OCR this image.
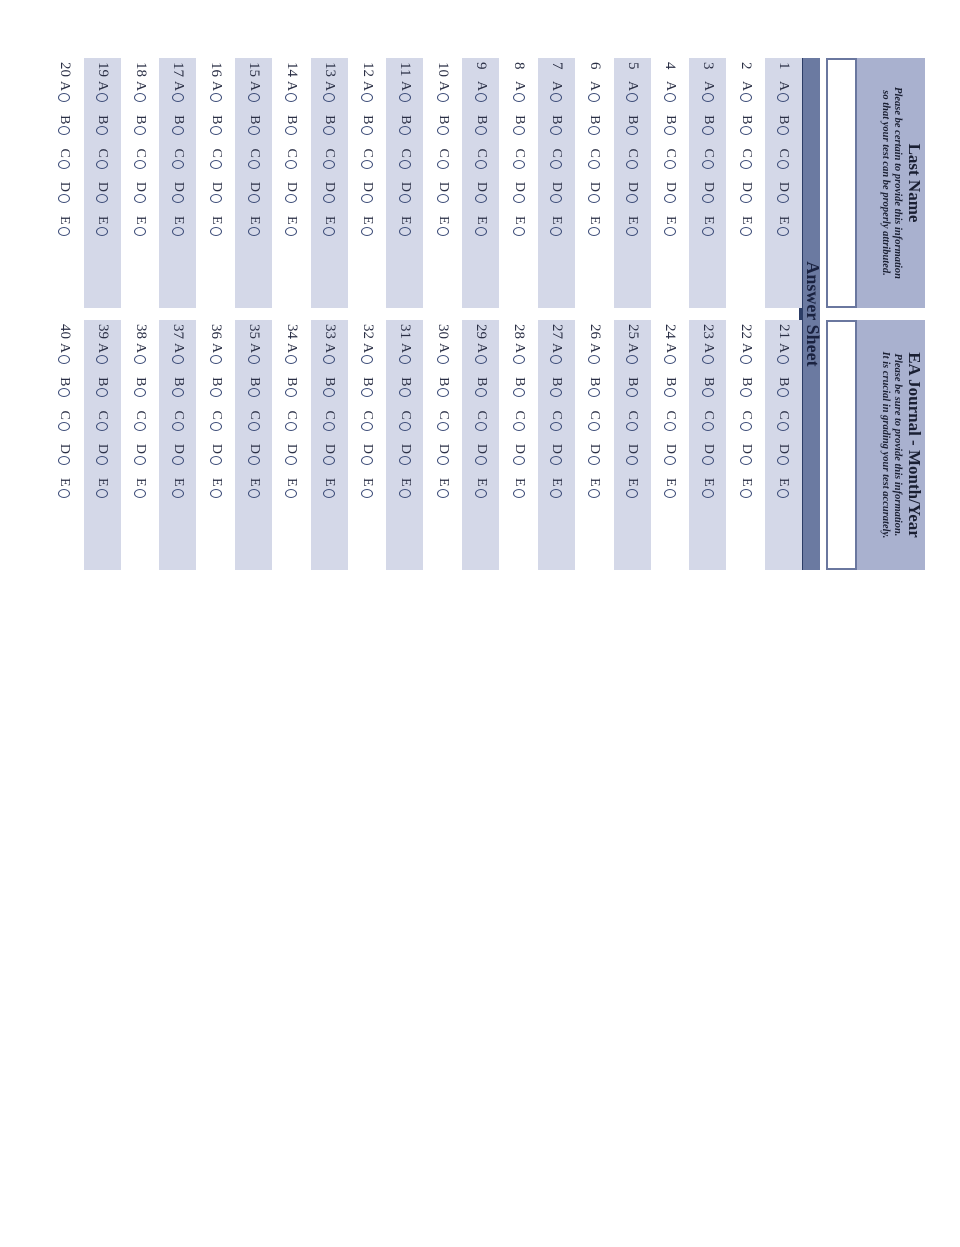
Last Name
Please be certain to provide this information
so that your test can be properly attributed.
EA Journal - Month/Year
Please be sure to provide this information.
It is crucial in grading your test accurately.
Answer Sheet
1
A
B
C
D
E
2
A
B
C
D
E
3
A
B
C
D
E
4
A
B
C
D
E
5
A
B
C
D
E
6
A
B
C
D
E
7
A
B
C
D
E
8
A
B
C
D
E
9
A
B
C
D
E
10
A
B
C
D
E
11
A
B
C
D
E
12
A
B
C
D
E
13
A
B
C
D
E
14
A
B
C
D
E
15
A
B
C
D
E
16
A
B
C
D
E
17
A
B
C
D
E
18
A
B
C
D
E
19
A
B
C
D
E
20
A
B
C
D
E
21
A
B
C
D
E
22
A
B
C
D
E
23
A
B
C
D
E
24
A
B
C
D
E
25
A
B
C
D
E
26
A
B
C
D
E
27
A
B
C
D
E
28
A
B
C
D
E
29
A
B
C
D
E
30
A
B
C
D
E
31
A
B
C
D
E
32
A
B
C
D
E
33
A
B
C
D
E
34
A
B
C
D
E
35
A
B
C
D
E
36
A
B
C
D
E
37
A
B
C
D
E
38
A
B
C
D
E
39
A
B
C
D
E
40
A
B
C
D
E
